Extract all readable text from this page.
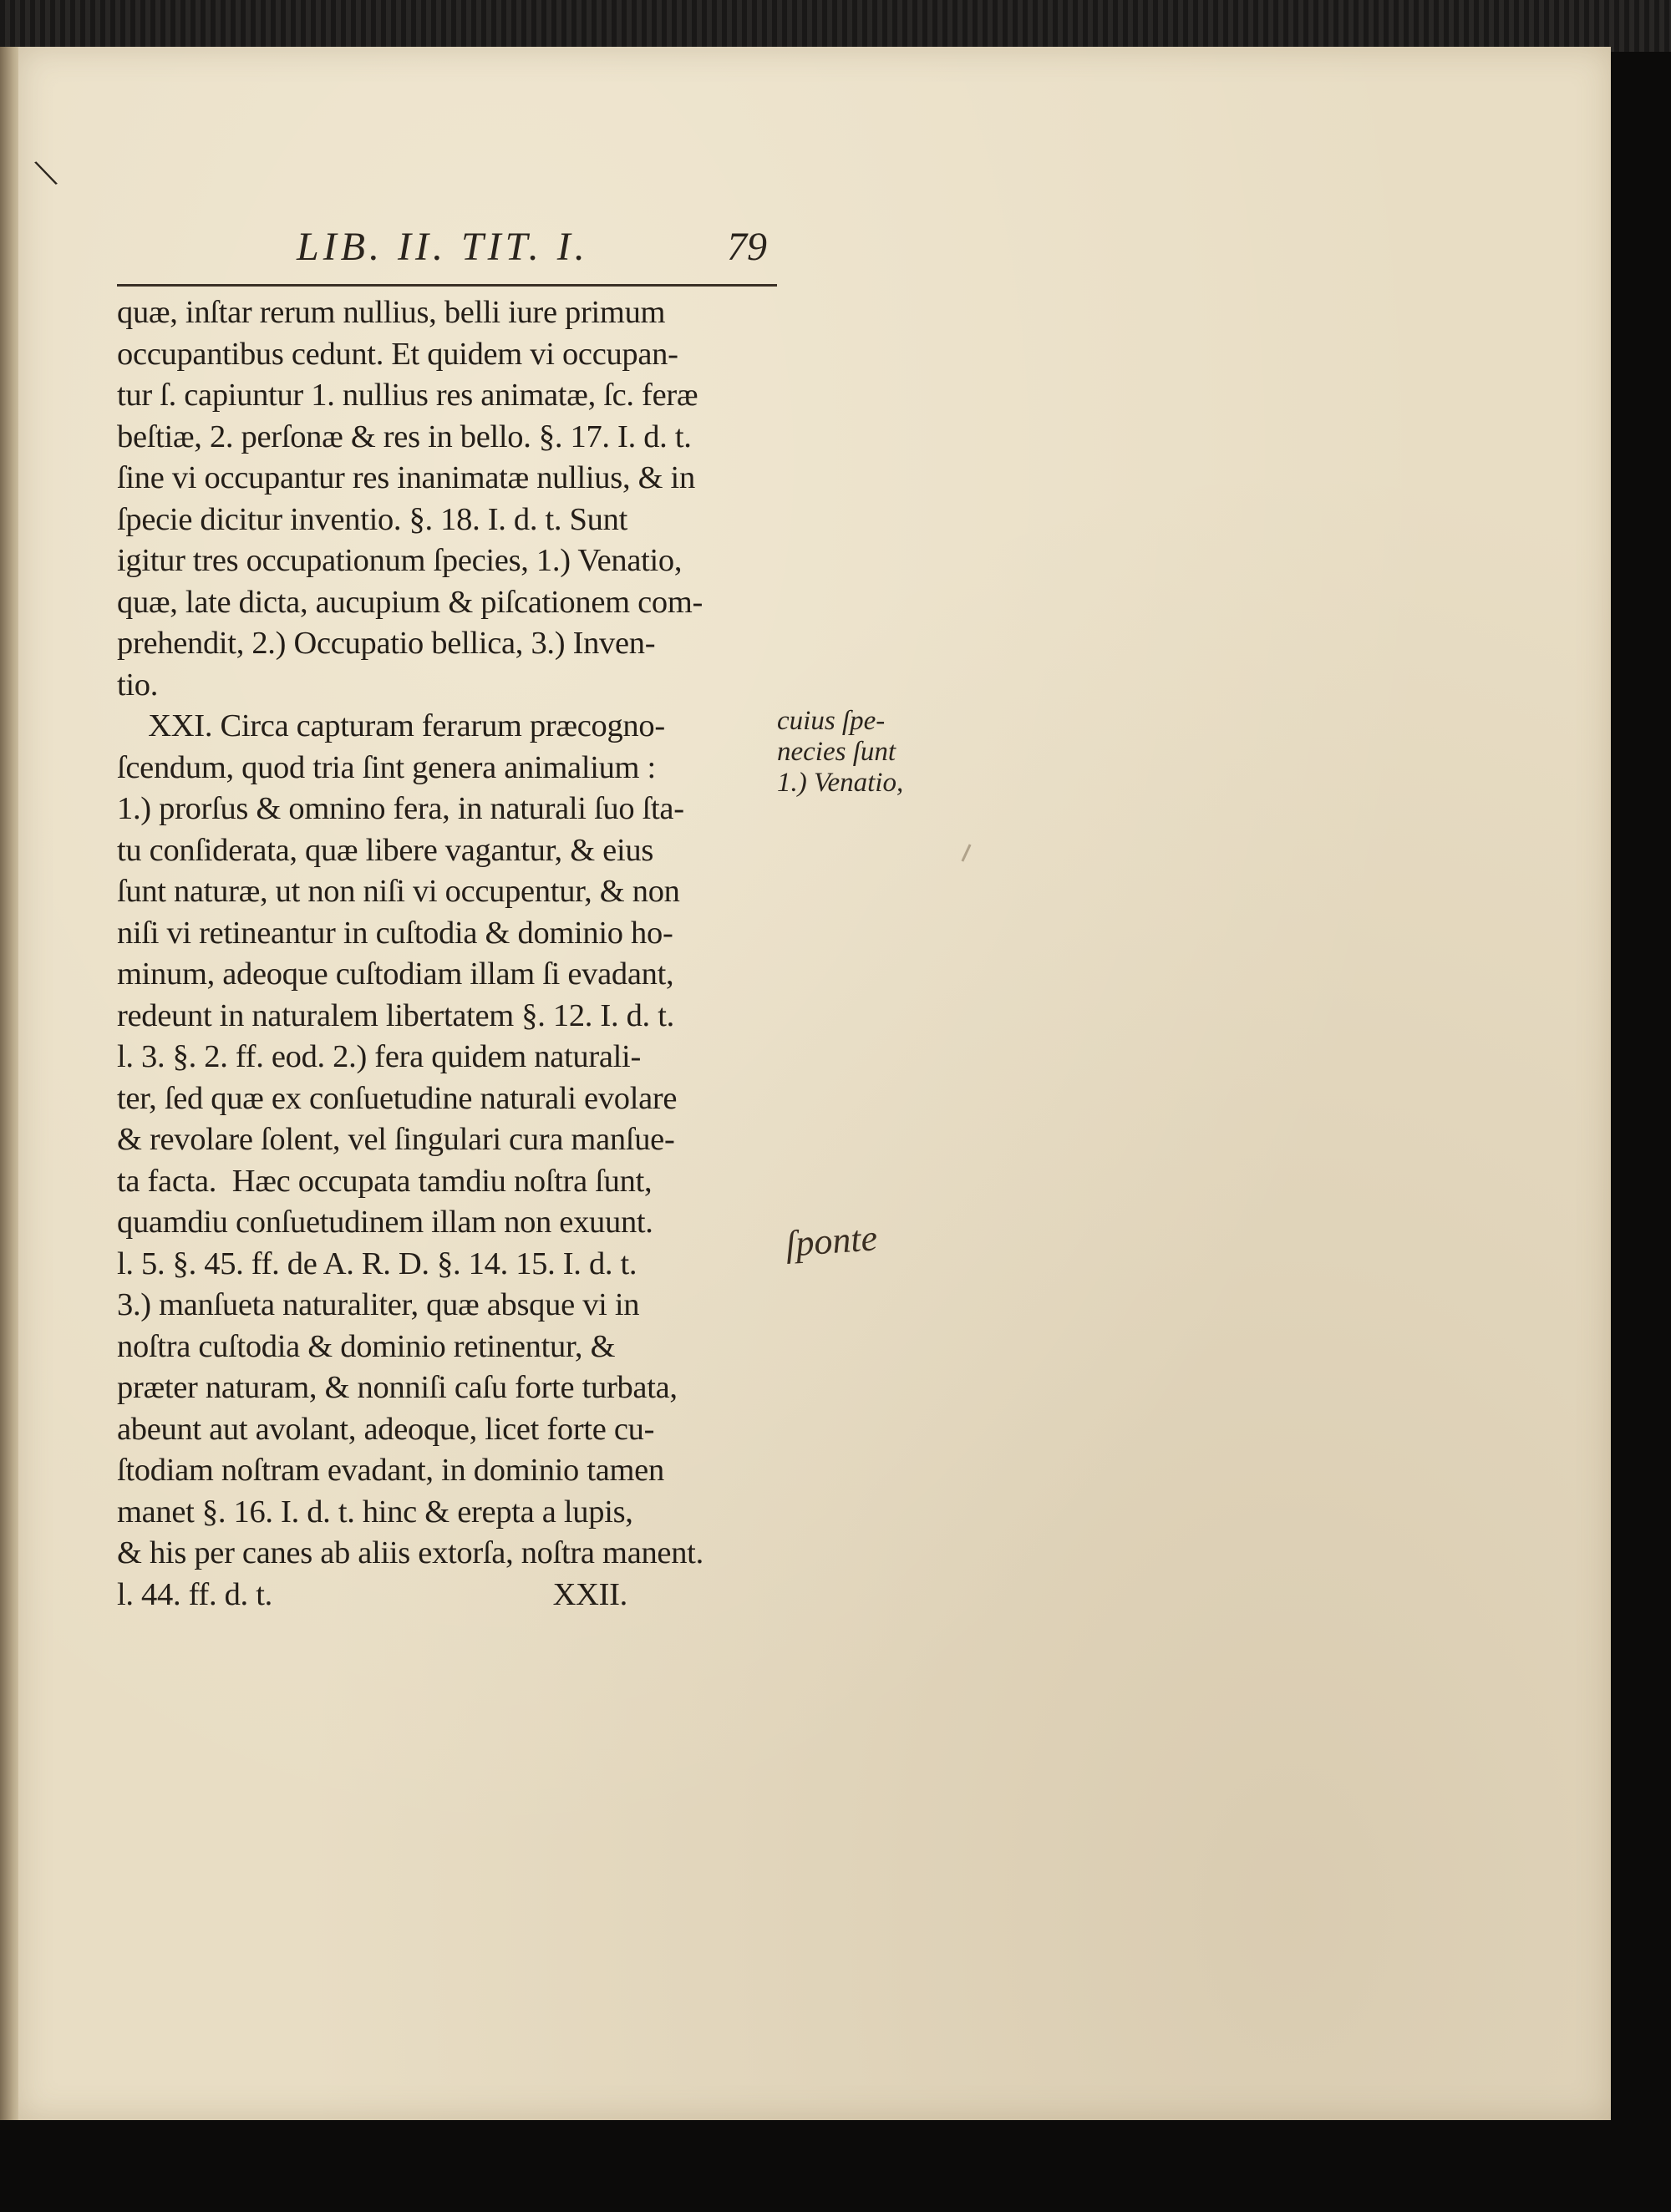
\
LIB. II. TIT. I.	79
quæ, inſtar rerum nullius, belli iure primum
occupantibus cedunt. Et quidem vi occupan-
tur ſ. capiuntur 1. nullius res animatæ, ſc. feræ
beſtiæ, 2. perſonæ & res in bello. §. 17. I. d. t.
ſine vi occupantur res inanimatæ nullius, & in
ſpecie dicitur inventio. §. 18. I. d. t. Sunt
igitur tres occupationum ſpecies, 1.) Venatio,
quæ, late dicta, aucupium & piſcationem com-
prehendit, 2.) Occupatio bellica, 3.) Inven-
tio.
XXI. Circa capturam ferarum præcogno-
ſcendum, quod tria ſint genera animalium :
1.) prorſus & omnino fera, in naturali ſuo ſta-
tu conſiderata, quæ libere vagantur, & eius
ſunt naturæ, ut non niſi vi occupentur, & non
niſi vi retineantur in cuſtodia & dominio ho-
minum, adeoque cuſtodiam illam ſi evadant,
redeunt in naturalem libertatem §. 12. I. d. t.
l. 3. §. 2. ff. eod. 2.) fera quidem naturali-
ter, ſed quæ ex conſuetudine naturali evolare
& revolare ſolent, vel ſingulari cura manſue-
ta facta.  Hæc occupata tamdiu noſtra ſunt,
quamdiu conſuetudinem illam non exuunt.
l. 5. §. 45. ff. de A. R. D. §. 14. 15. I. d. t.
3.) manſueta naturaliter, quæ absque vi in
noſtra cuſtodia & dominio retinentur, &
præter naturam, & nonniſi caſu forte turbata,
abeunt aut avolant, adeoque, licet forte cu-
ſtodiam noſtram evadant, in dominio tamen
manet §. 16. I. d. t. hinc & erepta a lupis,
& his per canes ab aliis extorſa, noſtra manent.
l. 44. ff. d. t.                                    XXII.
cuius ſpe-
necies ſunt
1.) Venatio,
ſponte
